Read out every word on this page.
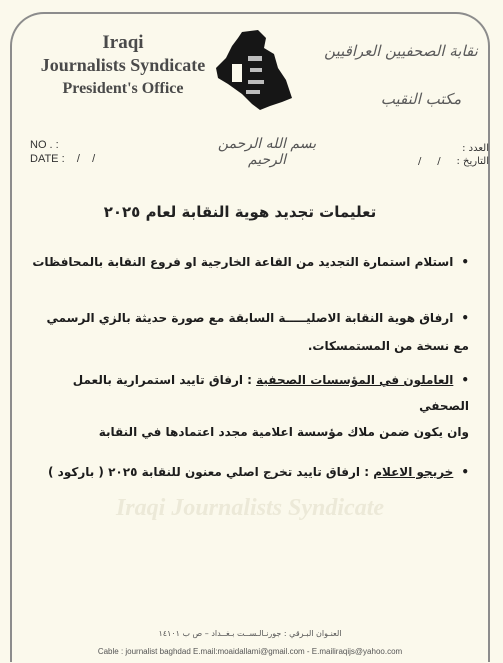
Iraqi
Journalists Syndicate
President's Office
نقابة الصحفيين العراقيين
مكتب النقيب
NO . :
DATE :    /    /
بسم الله الرحمن الرحيم
العدد :
التاريخ :     /     /
تعليمات تجديد هوية النقابة لعام ٢٠٢٥
•استلام استمارة التجديد من القاعة الخارجية او فروع النقابة بالمحافظات
•ارفاق هوية النقابة الاصليـــــة السابقة مع صورة حديثة بالزي الرسمي
مع نسخة من المستمسكات.
•العاملون في المؤسسات الصحفية : ارفاق تاييد استمرارية بالعمل
الصحفي
وان يكون ضمن ملاك مؤسسة اعلامية مجدد اعتمادها في النقابة
•خريجو الاعلام : ارفاق تاييد تخرج اصلي معنون للنقابة ٢٠٢٥ ( باركود )
Iraqi Journalists Syndicate
العنـوان البـرقي : جورنـالـســت بـغــداد – ص ب ١٤١٠١
Cable : journalist baghdad E.mail:moaidallami@gmail.com - E.mailiraqijs@yahoo.com
